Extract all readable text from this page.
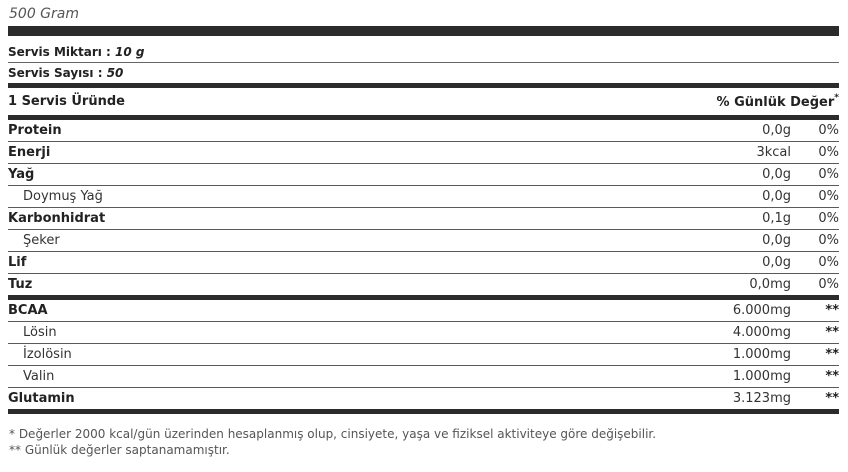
500 Gram
Servis Miktarı : 10 g
Servis Sayısı : 50
1 Servis Üründe	% Günlük Değer*
Protein	0,0g	0%
Enerji	3kcal	0%
Yağ	0,0g	0%
Doymuş Yağ	0,0g	0%
Karbonhidrat	0,1g	0%
Şeker	0,0g	0%
Lif	0,0g	0%
Tuz	0,0mg	0%
BCAA	6.000mg	**
Lösin	4.000mg	**
İzolösin	1.000mg	**
Valin	1.000mg	**
Glutamin	3.123mg	**
* Değerler 2000 kcal/gün üzerinden hesaplanmış olup, cinsiyete, yaşa ve fiziksel aktiviteye göre değişebilir.
** Günlük değerler saptanamamıştır.
